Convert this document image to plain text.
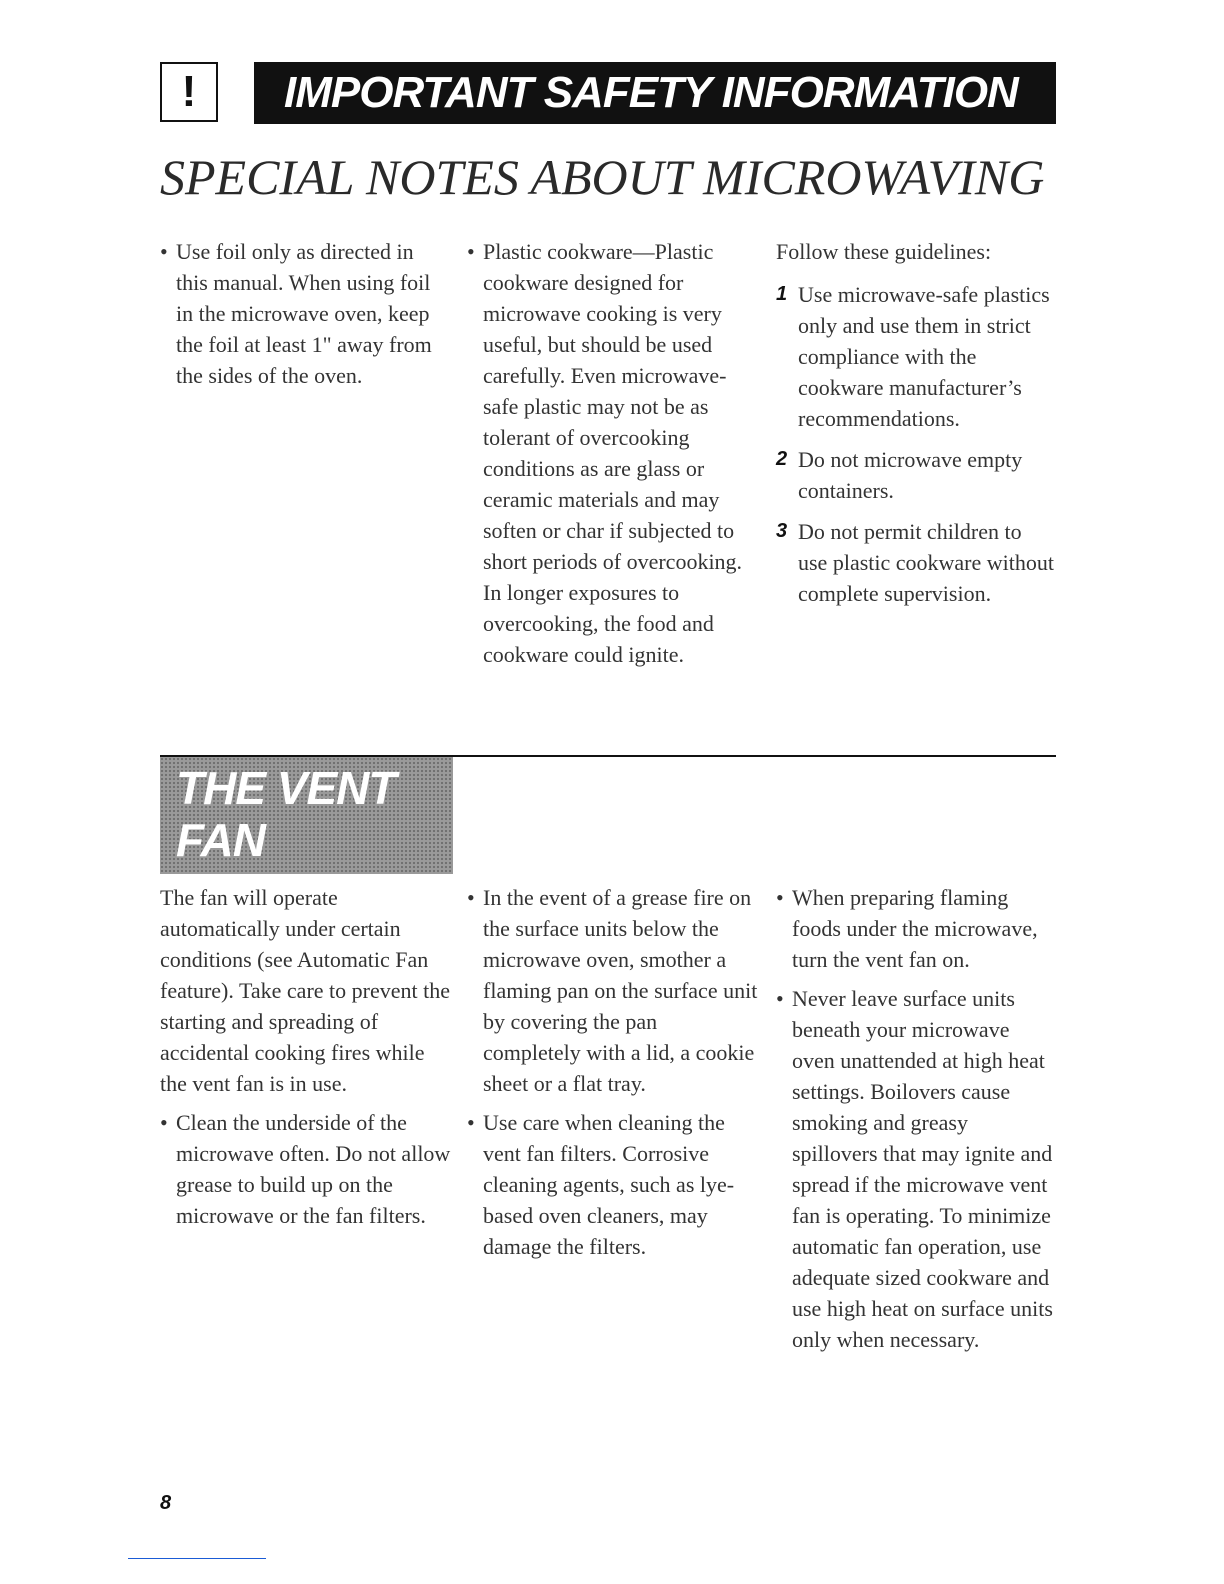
!	IMPORTANT SAFETY INFORMATION
SPECIAL NOTES ABOUT MICROWAVING
• Use foil only as directed in this manual. When using foil in the microwave oven, keep the foil at least 1" away from the sides of the oven.
• Plastic cookware—Plastic cookware designed for microwave cooking is very useful, but should be used carefully. Even microwave-safe plastic may not be as tolerant of overcooking conditions as are glass or ceramic materials and may soften or char if subjected to short periods of overcooking. In longer exposures to overcooking, the food and cookware could ignite.

Follow these guidelines:

1 Use microwave-safe plastics only and use them in strict compliance with the cookware manufacturer’s recommendations.
2 Do not microwave empty containers.
3 Do not permit children to use plastic cookware without complete supervision.
THE VENT
FAN

The fan will operate automatically under certain conditions (see Automatic Fan feature). Take care to prevent the starting and spreading of accidental cooking fires while the vent fan is in use.

• Clean the underside of the microwave often. Do not allow grease to build up on the microwave or the fan filters.
• In the event of a grease fire on the surface units below the microwave oven, smother a flaming pan on the surface unit by covering the pan completely with a lid, a cookie sheet or a flat tray.
• Use care when cleaning the vent fan filters. Corrosive cleaning agents, such as lye-based oven cleaners, may damage the filters.
• When preparing flaming foods under the microwave, turn the vent fan on.
• Never leave surface units beneath your microwave oven unattended at high heat settings. Boilovers cause smoking and greasy spillovers that may ignite and spread if the microwave vent fan is operating. To minimize automatic fan operation, use adequate sized cookware and use high heat on surface units only when necessary.
8
